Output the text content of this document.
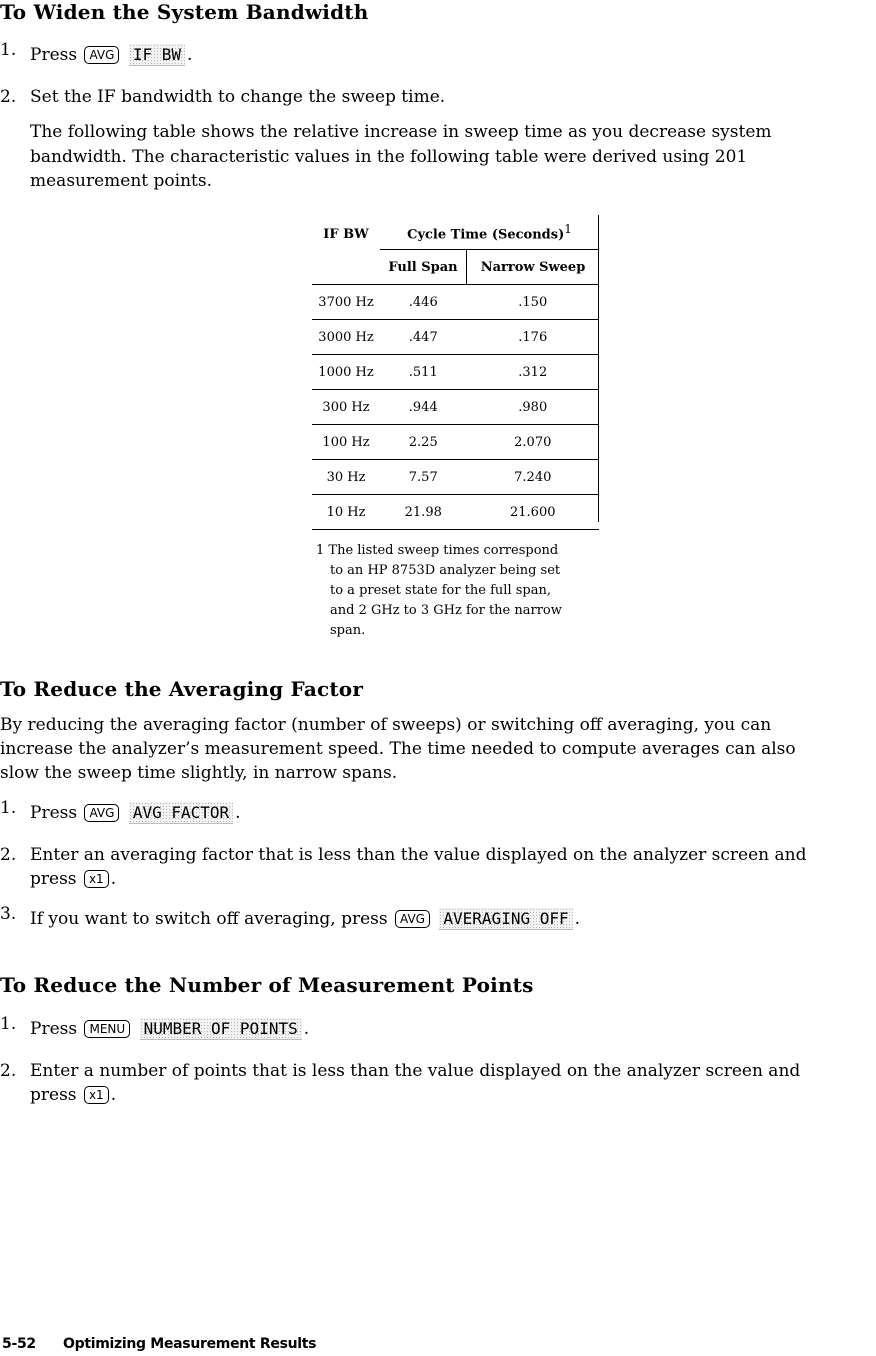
To Widen the System Bandwidth
1. Press AVG IF BW .
2. Set the IF bandwidth to change the sweep time.
The following table shows the relative increase in sweep time as you decrease system
bandwidth. The characteristic values in the following table were derived using 201
measurement points.
IF BW	Cycle Time (Seconds)$^1$
	Full Span	Narrow Sweep
3700 Hz	.446	.150
3000 Hz	.447	.176
1000 Hz	.511	.312
300 Hz	.944	.980
100 Hz	2.25	2.070
30 Hz	7.57	7.240
10 Hz	21.98	21.600
1 The listed sweep times correspond
to an HP 8753D analyzer being set
to a preset state for the full span,
and 2 GHz to 3 GHz for the narrow
span.
To Reduce the Averaging Factor
By reducing the averaging factor (number of sweeps) or switching off averaging, you can
increase the analyzer’s measurement speed. The time needed to compute averages can also
slow the sweep time slightly, in narrow spans.
1. Press AVG AVG FACTOR .
2. Enter an averaging factor that is less than the value displayed on the analyzer screen and
press x1 .
3. If you want to switch off averaging, press AVG AVERAGING OFF .
To Reduce the Number of Measurement Points
1. Press MENU NUMBER OF POINTS .
2. Enter a number of points that is less than the value displayed on the analyzer screen and
press x1 .
5-52 Optimizing Measurement Results
